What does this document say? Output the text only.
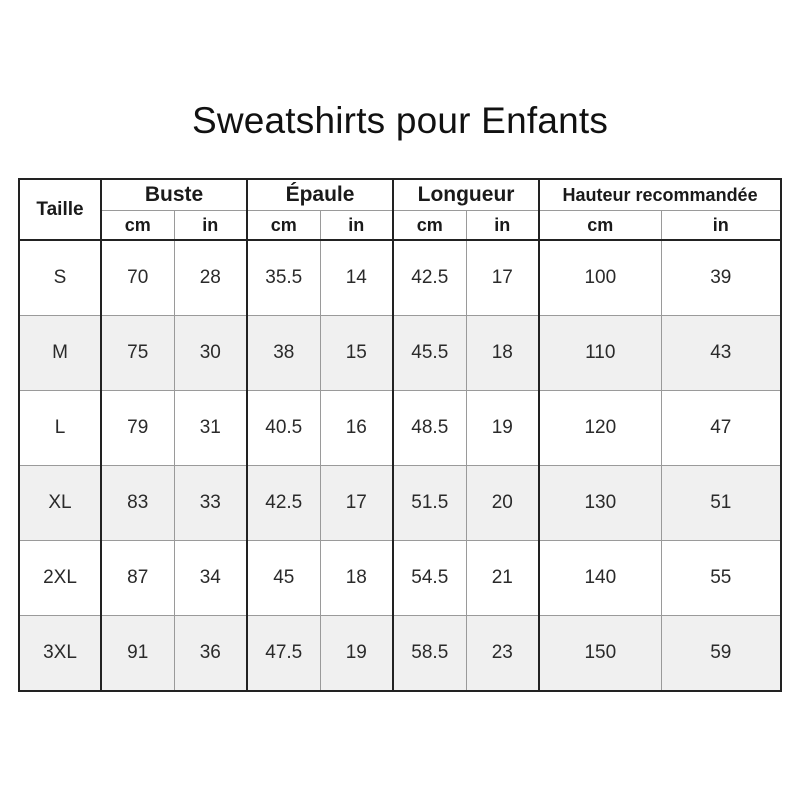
Sweatshirts pour Enfants
Taille	Buste		Épaule		Longueur		Hauteur recommandée	
	cm	in	cm	in	cm	in	cm	in
S	70	28	35.5	14	42.5	17	100	39
M	75	30	38	15	45.5	18	110	43
L	79	31	40.5	16	48.5	19	120	47
XL	83	33	42.5	17	51.5	20	130	51
2XL	87	34	45	18	54.5	21	140	55
3XL	91	36	47.5	19	58.5	23	150	59
